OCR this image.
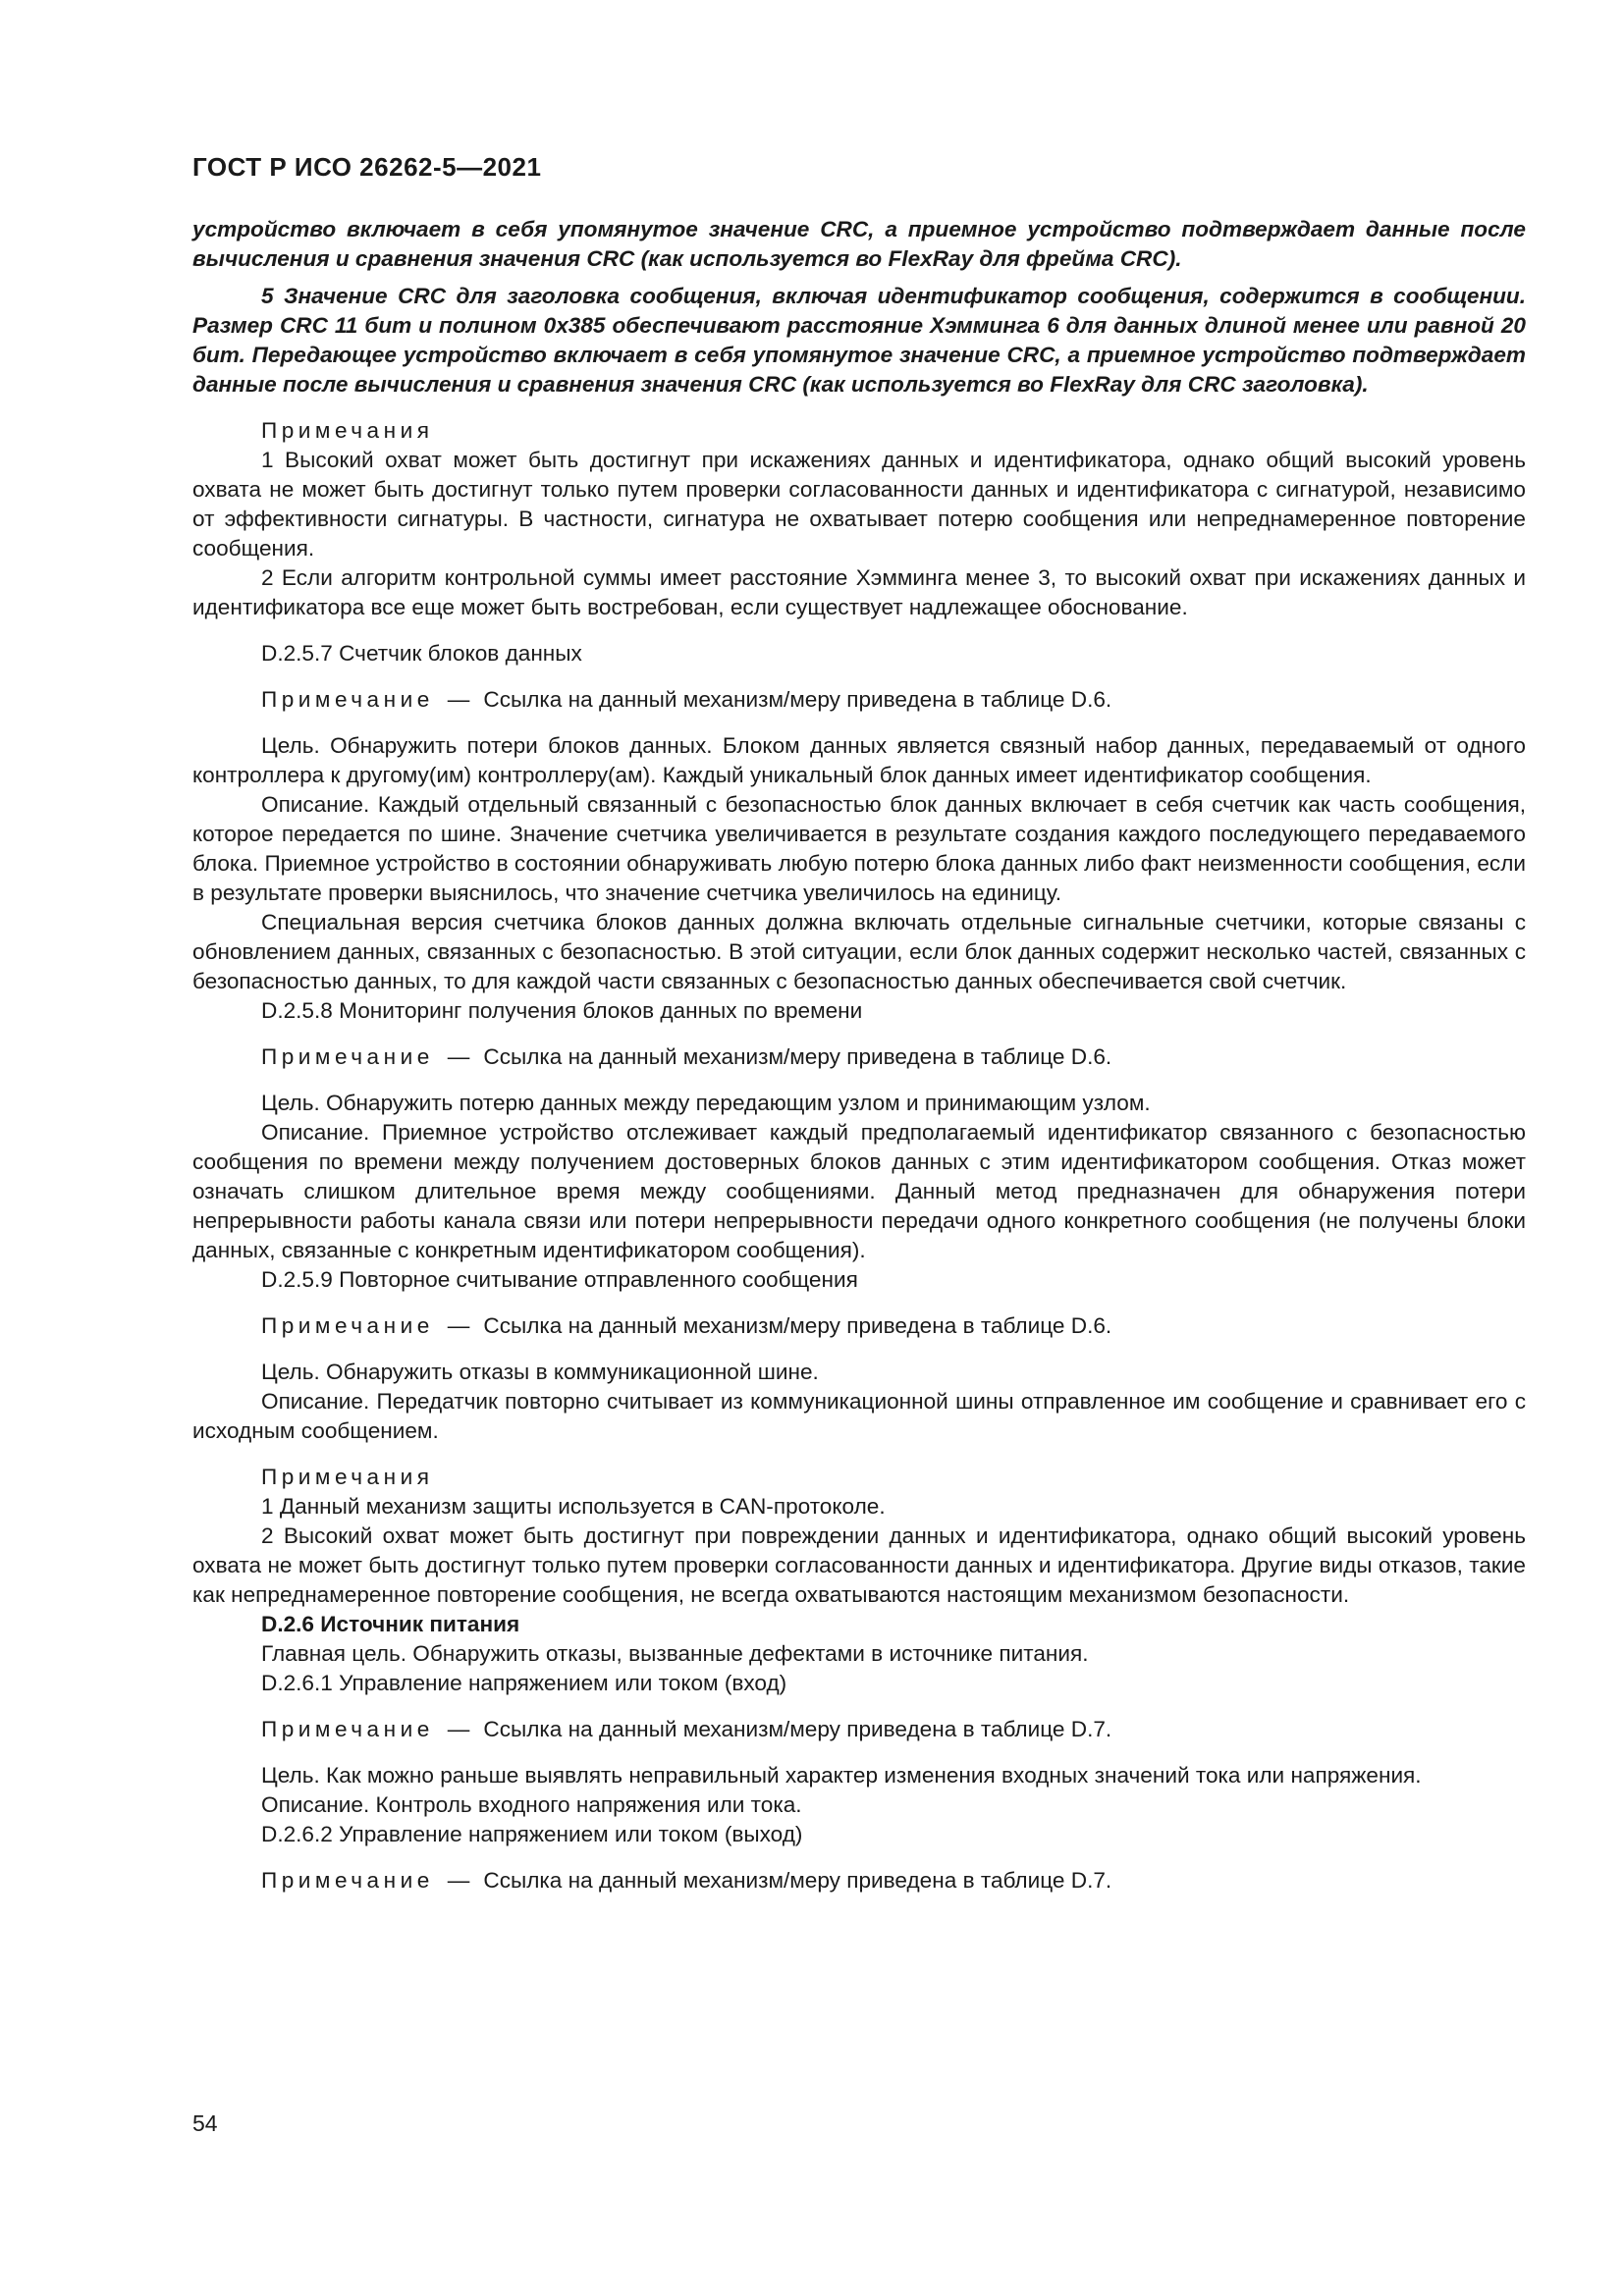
ГОСТ Р ИСО 26262-5—2021

устройство включает в себя упомянутое значение CRC, а приемное устройство подтверждает данные после вычисления и сравнения значения CRC (как используется во FlexRay для фрейма CRC).

5 Значение CRC для заголовка сообщения, включая идентификатор сообщения, содержится в сообщении. Размер CRC 11 бит и полином 0x385 обеспечивают расстояние Хэмминга 6 для данных длиной менее или равной 20 бит. Передающее устройство включает в себя упомянутое значение CRC, а приемное устройство подтверждает данные после вычисления и сравнения значения CRC (как используется во FlexRay для CRC заголовка).

Примечания

1 Высокий охват может быть достигнут при искажениях данных и идентификатора, однако общий высокий уровень охвата не может быть достигнут только путем проверки согласованности данных и идентификатора с сигнатурой, независимо от эффективности сигнатуры. В частности, сигнатура не охватывает потерю сообщения или непреднамеренное повторение сообщения.

2 Если алгоритм контрольной суммы имеет расстояние Хэмминга менее 3, то высокий охват при искажениях данных и идентификатора все еще может быть востребован, если существует надлежащее обоснование.

D.2.5.7 Счетчик блоков данных

Примечание — Ссылка на данный механизм/меру приведена в таблице D.6.

Цель. Обнаружить потери блоков данных. Блоком данных является связный набор данных, передаваемый от одного контроллера к другому(им) контроллеру(ам). Каждый уникальный блок данных имеет идентификатор сообщения.

Описание. Каждый отдельный связанный с безопасностью блок данных включает в себя счетчик как часть сообщения, которое передается по шине. Значение счетчика увеличивается в результате создания каждого последующего передаваемого блока. Приемное устройство в состоянии обнаруживать любую потерю блока данных либо факт неизменности сообщения, если в результате проверки выяснилось, что значение счетчика увеличилось на единицу.

Специальная версия счетчика блоков данных должна включать отдельные сигнальные счетчики, которые связаны с обновлением данных, связанных с безопасностью. В этой ситуации, если блок данных содержит несколько частей, связанных с безопасностью данных, то для каждой части связанных с безопасностью данных обеспечивается свой счетчик.

D.2.5.8 Мониторинг получения блоков данных по времени

Примечание — Ссылка на данный механизм/меру приведена в таблице D.6.

Цель. Обнаружить потерю данных между передающим узлом и принимающим узлом.

Описание. Приемное устройство отслеживает каждый предполагаемый идентификатор связанного с безопасностью сообщения по времени между получением достоверных блоков данных с этим идентификатором сообщения. Отказ может означать слишком длительное время между сообщениями. Данный метод предназначен для обнаружения потери непрерывности работы канала связи или потери непрерывности передачи одного конкретного сообщения (не получены блоки данных, связанные с конкретным идентификатором сообщения).

D.2.5.9 Повторное считывание отправленного сообщения

Примечание — Ссылка на данный механизм/меру приведена в таблице D.6.

Цель. Обнаружить отказы в коммуникационной шине.

Описание. Передатчик повторно считывает из коммуникационной шины отправленное им сообщение и сравнивает его с исходным сообщением.

Примечания

1 Данный механизм защиты используется в CAN-протоколе.

2 Высокий охват может быть достигнут при повреждении данных и идентификатора, однако общий высокий уровень охвата не может быть достигнут только путем проверки согласованности данных и идентификатора. Другие виды отказов, такие как непреднамеренное повторение сообщения, не всегда охватываются настоящим механизмом безопасности.

D.2.6 Источник питания

Главная цель. Обнаружить отказы, вызванные дефектами в источнике питания.

D.2.6.1 Управление напряжением или током (вход)

Примечание — Ссылка на данный механизм/меру приведена в таблице D.7.

Цель. Как можно раньше выявлять неправильный характер изменения входных значений тока или напряжения.

Описание. Контроль входного напряжения или тока.

D.2.6.2 Управление напряжением или током (выход)

Примечание — Ссылка на данный механизм/меру приведена в таблице D.7.

54
